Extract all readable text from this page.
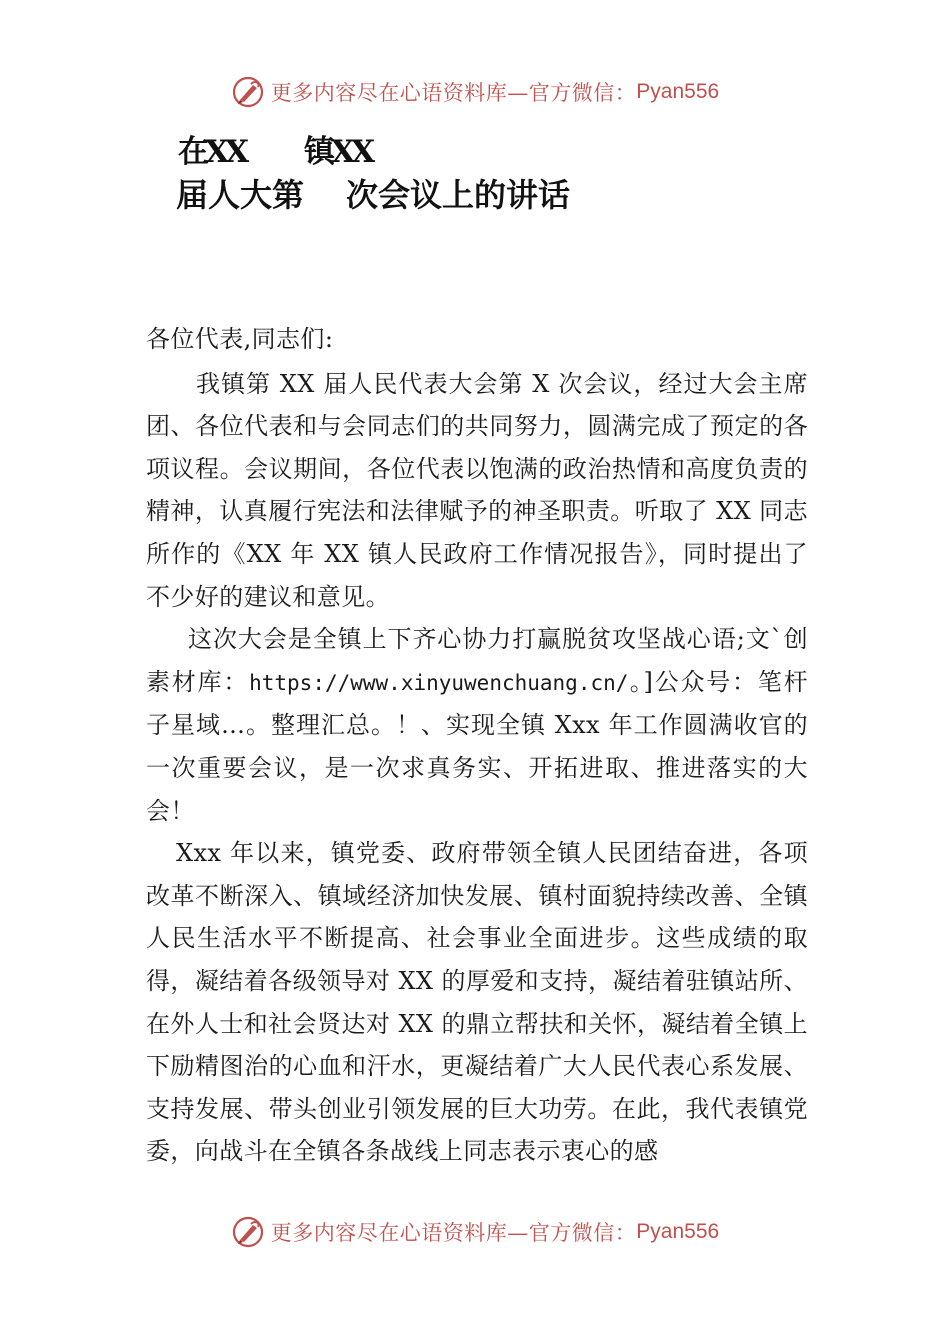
更多内容尽在心语资料库—官方微信： Pyan556
在XX 镇XX
届人大第 次会议上的讲话

各位代表,同志们:

我镇第 XX 届人民代表大会第 X 次会议，经过大会主席团、各位代表和与会同志们的共同努力，圆满完成了预定的各项议程。会议期间，各位代表以饱满的政治热情和高度负责的精神，认真履行宪法和法律赋予的神圣职责。听取了 XX 同志所作的《XX 年 XX 镇人民政府工作情况报告》，同时提出了不少好的建议和意见。

这次大会是全镇上下齐心协力打赢脱贫攻坚战心语;文`创素材库：https://www.xinyuwenchuang.cn/。]公众号：笔杆子星域…。整理汇总。！、实现全镇 Xxx 年工作圆满收官的一次重要会议，是一次求真务实、开拓进取、推进落实的大会！

Xxx 年以来，镇党委、政府带领全镇人民团结奋进，各项改革不断深入、镇域经济加快发展、镇村面貌持续改善、全镇人民生活水平不断提高、社会事业全面进步。这些成绩的取得，凝结着各级领导对 XX 的厚爱和支持，凝结着驻镇站所、在外人士和社会贤达对 XX 的鼎立帮扶和关怀，凝结着全镇上下励精图治的心血和汗水，更凝结着广大人民代表心系发展、支持发展、带头创业引领发展的巨大功劳。在此，我代表镇党委，向战斗在全镇各条战线上同志表示衷心的感

更多内容尽在心语资料库—官方微信： Pyan556
